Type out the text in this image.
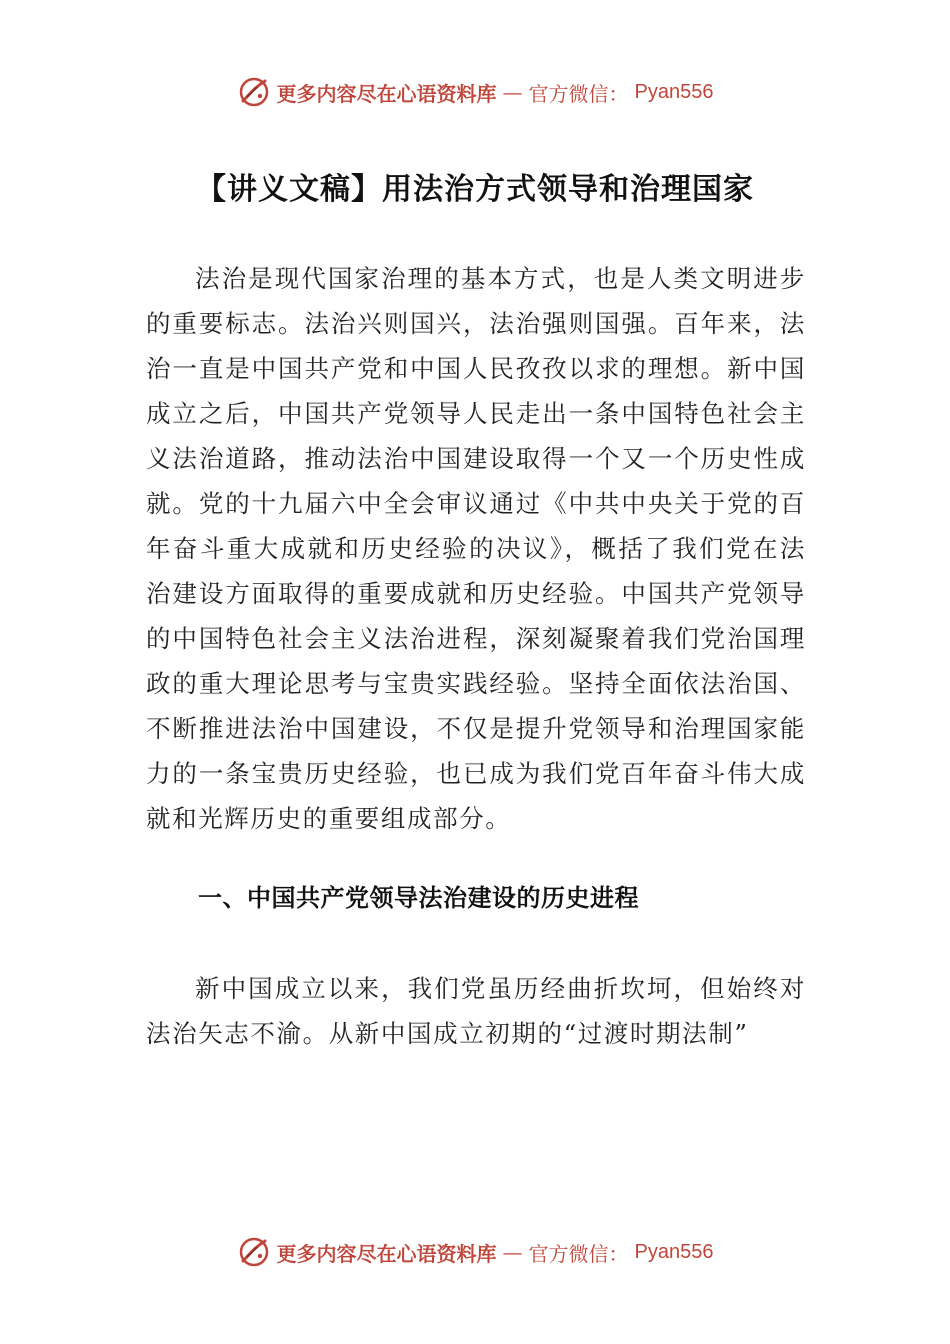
更多内容尽在心语资料库 — 官方微信： Pyan556
【讲义文稿】用法治方式领导和治理国家

法治是现代国家治理的基本方式，也是人类文明进步的重要标志。法治兴则国兴，法治强则国强。百年来，法治一直是中国共产党和中国人民孜孜以求的理想。新中国成立之后，中国共产党领导人民走出一条中国特色社会主义法治道路，推动法治中国建设取得一个又一个历史性成就。党的十九届六中全会审议通过《中共中央关于党的百年奋斗重大成就和历史经验的决议》，概括了我们党在法治建设方面取得的重要成就和历史经验。中国共产党领导的中国特色社会主义法治进程，深刻凝聚着我们党治国理政的重大理论思考与宝贵实践经验。坚持全面依法治国、不断推进法治中国建设，不仅是提升党领导和治理国家能力的一条宝贵历史经验，也已成为我们党百年奋斗伟大成就和光辉历史的重要组成部分。

一、中国共产党领导法治建设的历史进程

新中国成立以来，我们党虽历经曲折坎坷，但始终对法治矢志不渝。从新中国成立初期的“过渡时期法制”

更多内容尽在心语资料库 — 官方微信： Pyan556
